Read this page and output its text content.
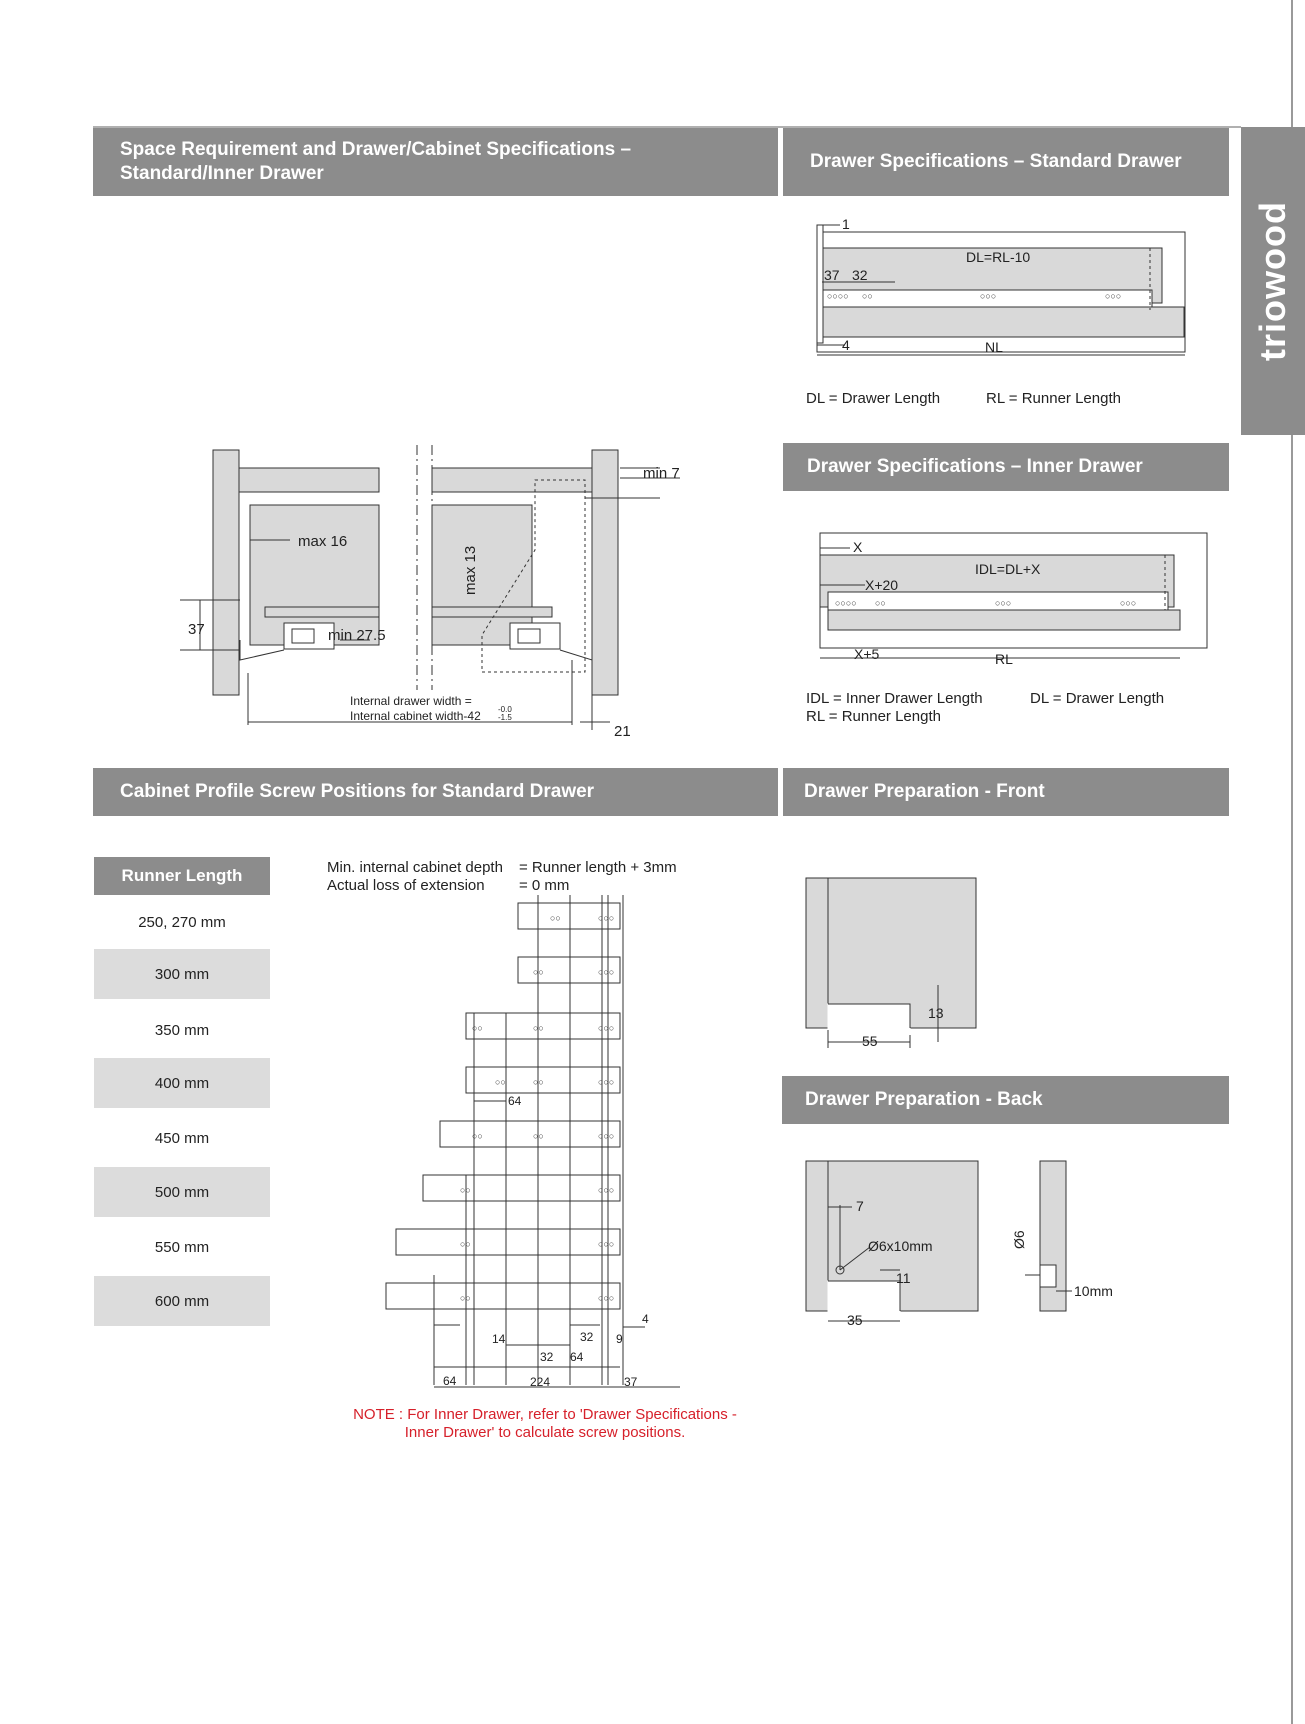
Space Requirement and Drawer/Cabinet Specifications –
Standard/Inner Drawer
Drawer Specifications – Standard Drawer
Drawer Specifications – Inner Drawer
Cabinet Profile Screw Positions for Standard Drawer	Drawer Preparation - Front
Drawer Preparation - Back
triowood
max 16
max 13
min 7
min 27.5
37
21
Internal drawer width =
Internal cabinet width-42 -0.0
-1.5
○○○○ ○○	○○○	○○○
1
DL=RL-10
37 32
4	NL
DL = Drawer Length	RL = Runner Length
○○○○ ○○	○○○	○○○
X
IDL=DL+X
X+20
X+5	RL
IDL = Inner Drawer Length	DL = Drawer Length
RL = Runner Length
Runner Length
250, 270 mm
300 mm
350 mm
400 mm
450 mm
500 mm
550 mm
600 mm
Min. internal cabinet depth = Runner length + 3mm
Actual loss of extension = 0 mm
○○	○○○
○○	○○○
○○	○○	○○○
○○	○○	○○○
○○	○○	○○○
○○	○○○
○○	○○○
○○	○○○
64
4
14	32 9
32 64
64
224	37
NOTE : For Inner Drawer, refer to 'Drawer Specifications -
Inner Drawer' to calculate screw positions.
13
55
7
Ø6x10mm
11
35
Ø6
10mm
